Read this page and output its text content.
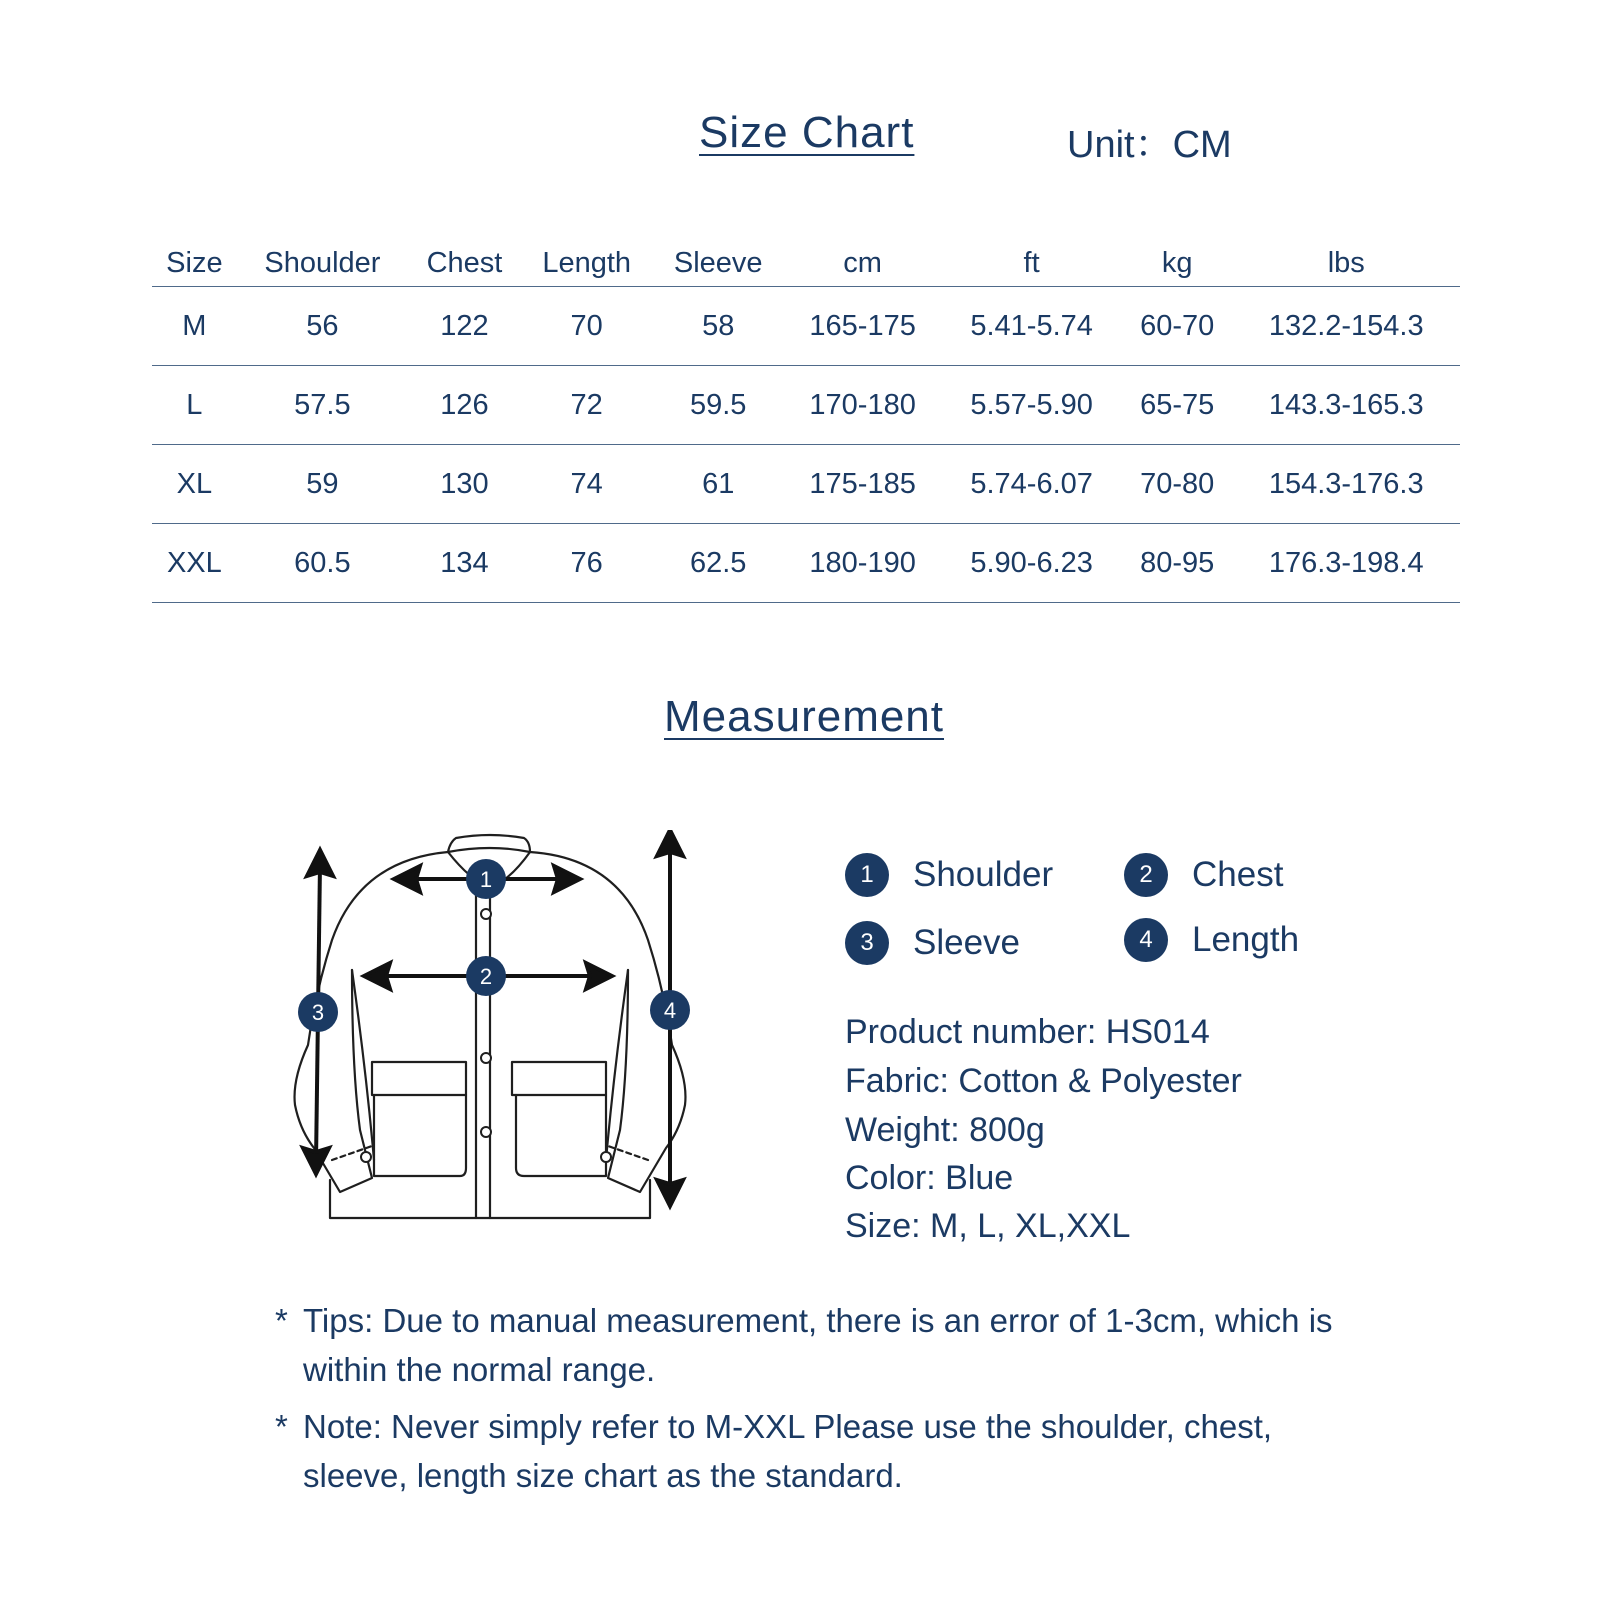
Size Chart	Unit：CM
Size	Shoulder	Chest	Length	Sleeve	cm	ft	kg	lbs
M	56	122	70	58	165-175	5.41-5.74	60-70	132.2-154.3
L	57.5	126	72	59.5	170-180	5.57-5.90	65-75	143.3-165.3
XL	59	130	74	61	175-185	5.74-6.07	70-80	154.3-176.3
XXL	60.5	134	76	62.5	180-190	5.90-6.23	80-95	176.3-198.4
Measurement
1
2
3	4
1	Shoulder	2	Chest
3	Sleeve	4	Length
Product number: HS014
Fabric: Cotton & Polyester
Weight: 800g
Color: Blue
Size: M, L, XL,XXL
* Tips: Due to manual measurement, there is an error of 1-3cm, which is within the normal range.
* Note: Never simply refer to M-XXL Please use the shoulder, chest, sleeve, length size chart as the standard.
